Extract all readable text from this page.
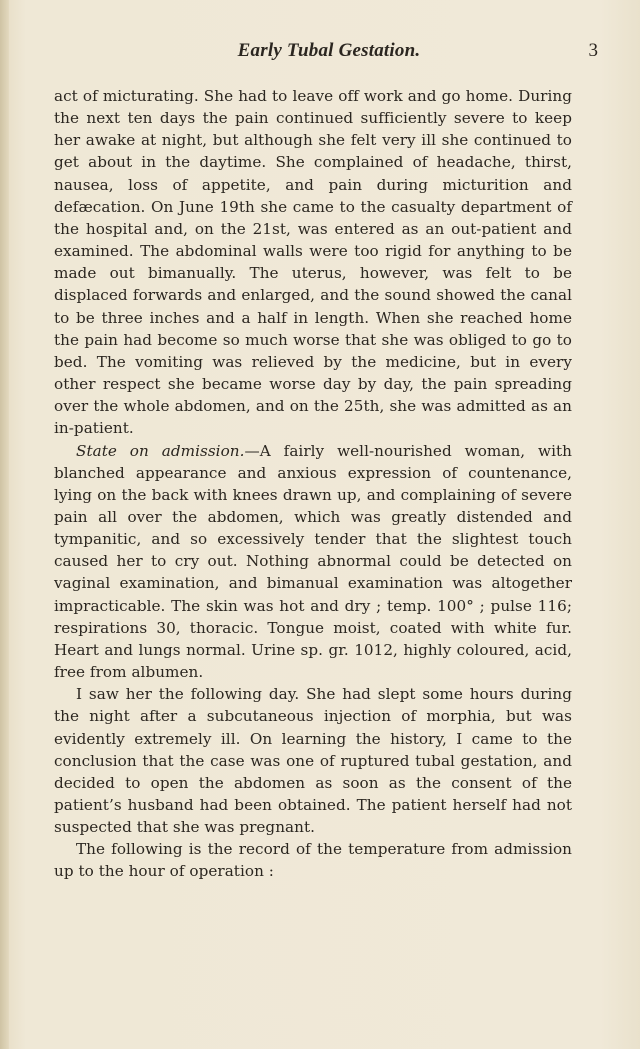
Early Tubal Gestation.	3

act of micturating. She had to leave off work and go home. During the next ten days the pain continued sufficiently severe to keep her awake at night, but although she felt very ill she continued to get about in the daytime. She complained of headache, thirst, nausea, loss of appetite, and pain during micturition and defæcation. On June 19th she came to the casualty department of the hospital and, on the 21st, was entered as an out-patient and examined. The abdominal walls were too rigid for anything to be made out bimanually. The uterus, however, was felt to be displaced forwards and enlarged, and the sound showed the canal to be three inches and a half in length. When she reached home the pain had become so much worse that she was obliged to go to bed. The vomiting was relieved by the medicine, but in every other respect she became worse day by day, the pain spreading over the whole abdomen, and on the 25th, she was admitted as an in-patient.

State on admission.—A fairly well-nourished woman, with blanched appearance and anxious expression of countenance, lying on the back with knees drawn up, and complaining of severe pain all over the abdomen, which was greatly distended and tympanitic, and so excessively tender that the slightest touch caused her to cry out. Nothing abnormal could be detected on vaginal examination, and bimanual examination was altogether impracticable. The skin was hot and dry ; temp. 100° ; pulse 116; respirations 30, thoracic. Tongue moist, coated with white fur. Heart and lungs normal. Urine sp. gr. 1012, highly coloured, acid, free from albumen.

I saw her the following day. She had slept some hours during the night after a subcutaneous injection of morphia, but was evidently extremely ill. On learning the history, I came to the conclusion that the case was one of ruptured tubal gestation, and decided to open the abdomen as soon as the consent of the patient’s husband had been obtained. The patient herself had not suspected that she was pregnant.

The following is the record of the temperature from admission up to the hour of operation :
